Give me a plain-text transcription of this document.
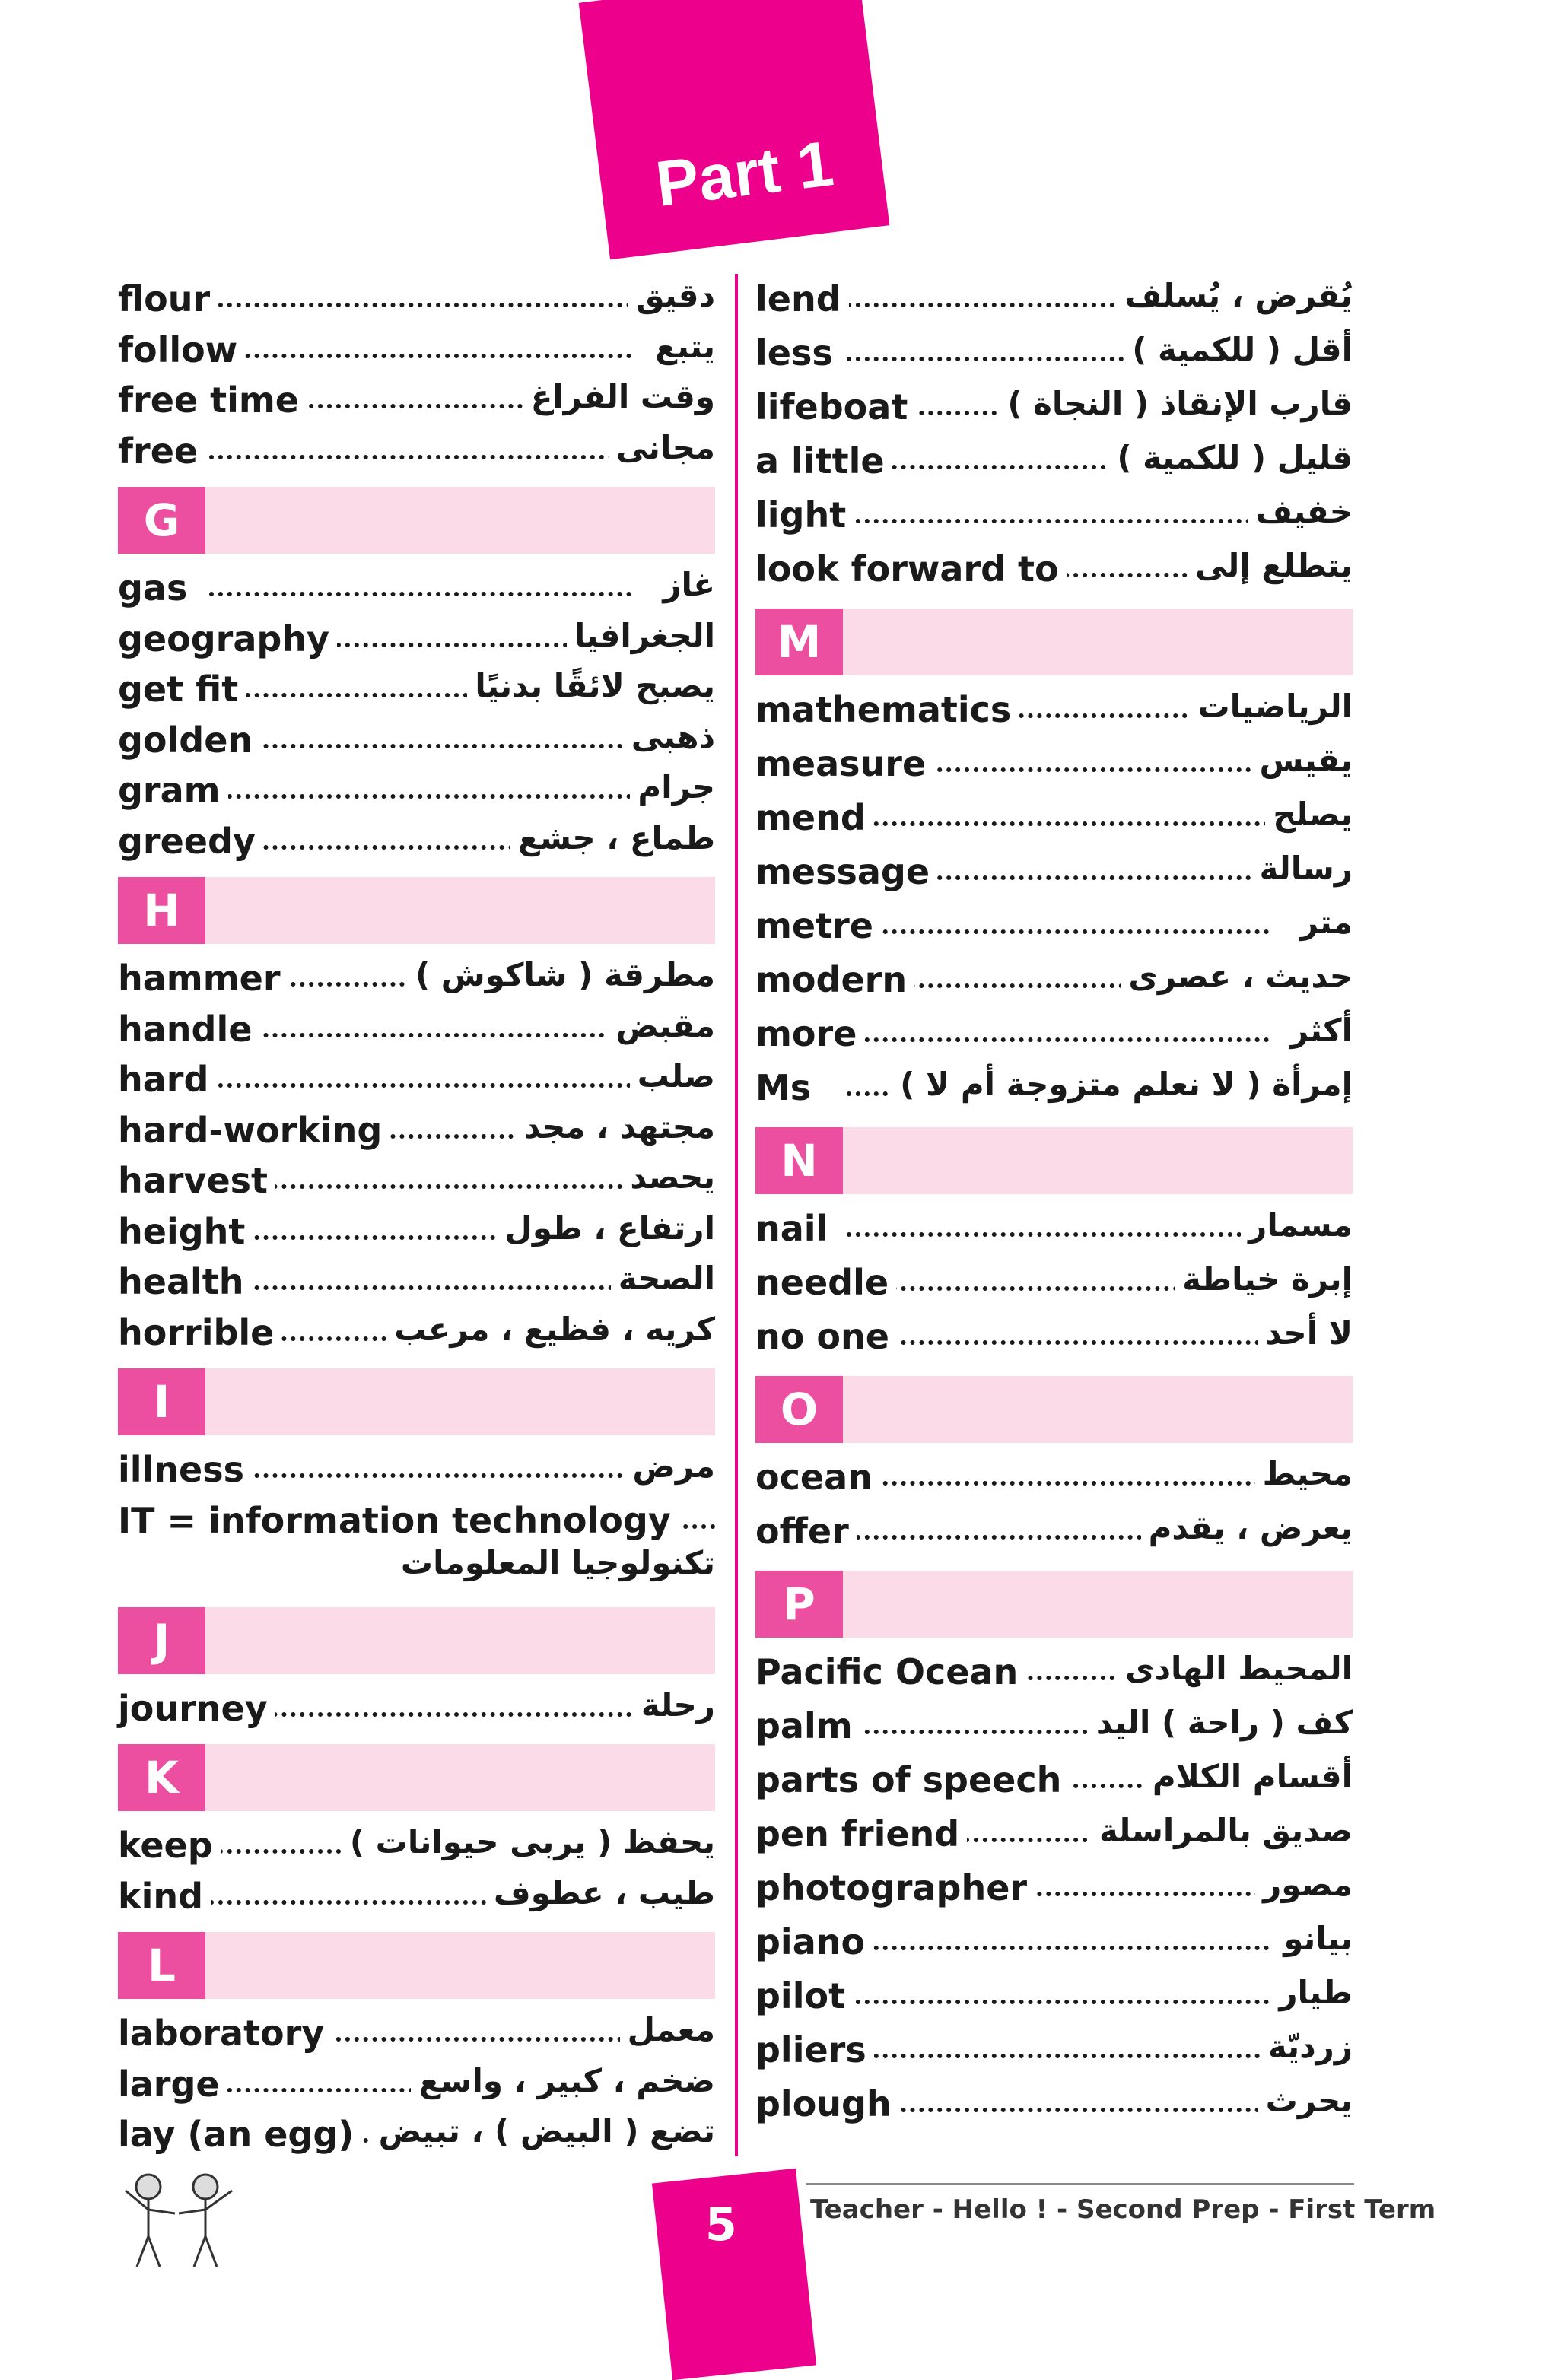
Part 1
flour	دقيق
follow	يتبع
free time	وقت الفراغ
free	مجانى
G
gas	غاز
geography	الجغرافيا
get fit	يصبح لائقًا بدنيًا
golden	ذهبى
gram	جرام
greedy	طماع ، جشع
H
hammer	مطرقة ( شاكوش )
handle	مقبض
hard	صلب
hard-working	مجتهد ، مجد
harvest	يحصد
height	ارتفاع ، طول
health	الصحة
horrible	كريه ، فظيع ، مرعب
I
illness	مرض
IT = information technology
تكنولوجيا المعلومات
J
journey	رحلة
K
keep	يحفظ ( يربى حيوانات )
kind	طيب ، عطوف
L
laboratory	معمل
large	ضخم ، كبير ، واسع
lay (an egg) تضع ( البيض ) ، تبيض
lend	يُقرض ، يُسلف
less	أقل ( للكمية )
lifeboat	قارب الإنقاذ ( النجاة )
a little	قليل ( للكمية )
light	خفيف
look forward to	يتطلع إلى
M
mathematics	الرياضيات
measure	يقيس
mend	يصلح
message	رسالة
metre	متر
modern	حديث ، عصرى
more	أكثر
Ms	إمرأة ( لا نعلم متزوجة أم لا )
N
nail	مسمار
needle	إبرة خياطة
no one	لا أحد
O
ocean	محيط
offer	يعرض ، يقدم
P
Pacific Ocean	المحيط الهادى
palm	كف ( راحة ) اليد
parts of speech	أقسام الكلام
pen friend	صديق بالمراسلة
photographer	مصور
piano	بيانو
pilot	طيار
pliers	زرديّة
plough	يحرث
Teacher - Hello ! - Second Prep - First Term
5
